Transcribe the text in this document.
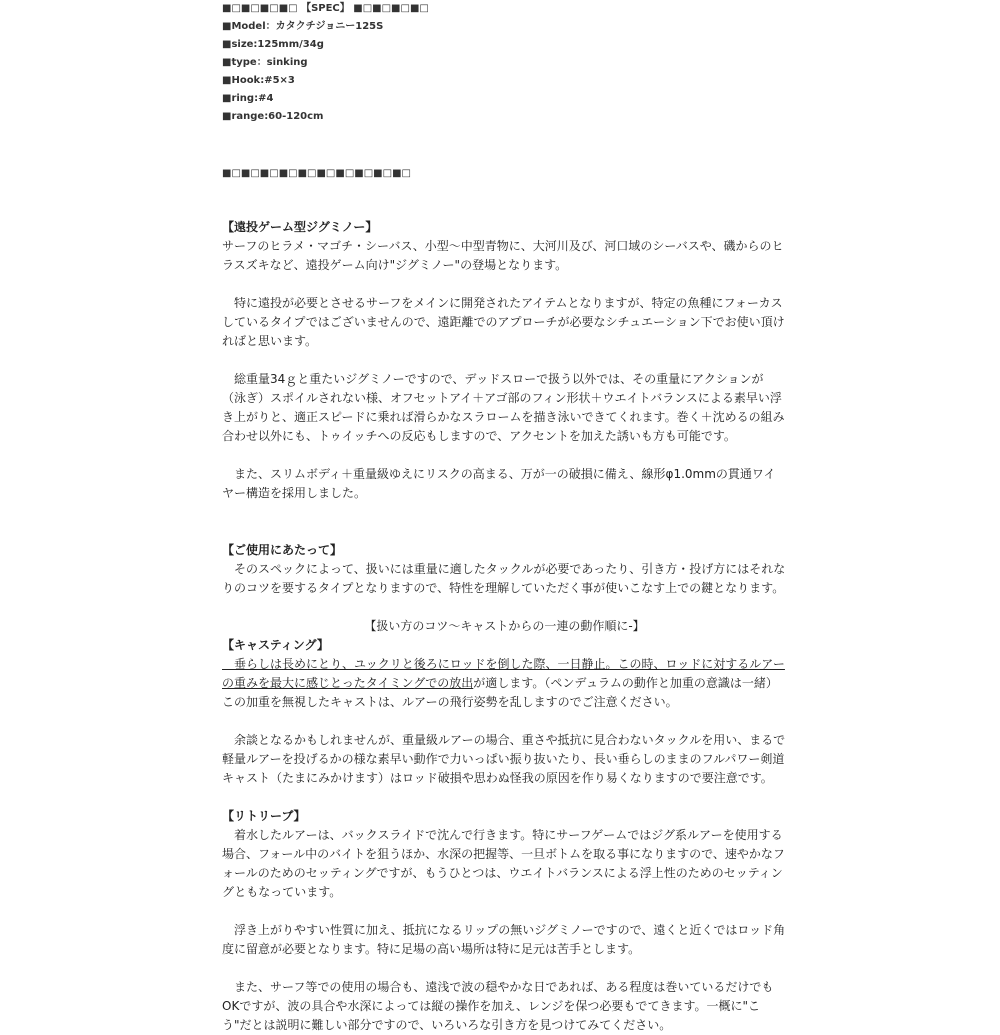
■□■□■□■□ 【SPEC】 ■□■□■□■□
■Model：カタクチジョニー125S
■size:125mm/34g
■type：sinking
■Hook:#5×3
■ring:#4
■range:60-120cm
■□■□■□■□■□■□■□■□■□■□

【遠投ゲーム型ジグミノー】

サーフのヒラメ・マゴチ・シーバス、小型～中型青物に、大河川及び、河口域のシーバスや、磯からのヒラスズキなど、遠投ゲーム向け"ジグミノー"の登場となります。

　特に遠投が必要とさせるサーフをメインに開発されたアイテムとなりますが、特定の魚種にフォーカスしているタイプではございませんので、遠距離でのアプローチが必要なシチュエーション下でお使い頂ければと思います。

　総重量34ｇと重たいジグミノーですので、デッドスローで扱う以外では、その重量にアクションが（泳ぎ）スポイルされない様、オフセットアイ＋アゴ部のフィン形状＋ウエイトバランスによる素早い浮き上がりと、適正スピードに乗れば滑らかなスラロームを描き泳いできてくれます。巻く＋沈めるの組み合わせ以外にも、トゥイッチへの反応もしますので、アクセントを加えた誘いも方も可能です。

　また、スリムボディ＋重量級ゆえにリスクの高まる、万が一の破損に備え、線形φ1.0mmの貫通ワイヤー構造を採用しました。

【ご使用にあたって】

　そのスペックによって、扱いには重量に適したタックルが必要であったり、引き方・投げ方にはそれなりのコツを要するタイプとなりますので、特性を理解していただく事が使いこなす上での鍵となります。

【扱い方のコツ～キャストからの一連の動作順に-】

【キャスティング】

　垂らしは長めにとり、ユックリと後ろにロッドを倒した際、一日静止。この時、ロッドに対するルアーの重みを最大に感じとったタイミングでの放出が適します。（ペンデュラムの動作と加重の意識は一緒）この加重を無視したキャストは、ルアーの飛行姿勢を乱しますのでご注意ください。

　余談となるかもしれませんが、重量級ルアーの場合、重さや抵抗に見合わないタックルを用い、まるで軽量ルアーを投げるかの様な素早い動作で力いっぱい振り抜いたり、長い垂らしのままのフルパワー剣道キャスト（たまにみかけます）はロッド破損や思わぬ怪我の原因を作り易くなりますので要注意です。

【リトリーブ】

　着水したルアーは、バックスライドで沈んで行きます。特にサーフゲームではジグ系ルアーを使用する場合、フォール中のバイトを狙うほか、水深の把握等、一旦ボトムを取る事になりますので、速やかなフォールのためのセッティングですが、もうひとつは、ウエイトバランスによる浮上性のためのセッティングともなっています。

　浮き上がりやすい性質に加え、抵抗になるリップの無いジグミノーですので、遠くと近くではロッド角度に留意が必要となります。特に足場の高い場所は特に足元は苦手とします。

　また、サーフ等での使用の場合も、遠浅で波の穏やかな日であれば、ある程度は巻いているだけでもOKですが、波の具合や水深によっては縦の操作を加え、レンジを保つ必要もでてきます。一概に"こう"だとは説明に難しい部分ですので、いろいろな引き方を見つけてみてください。
